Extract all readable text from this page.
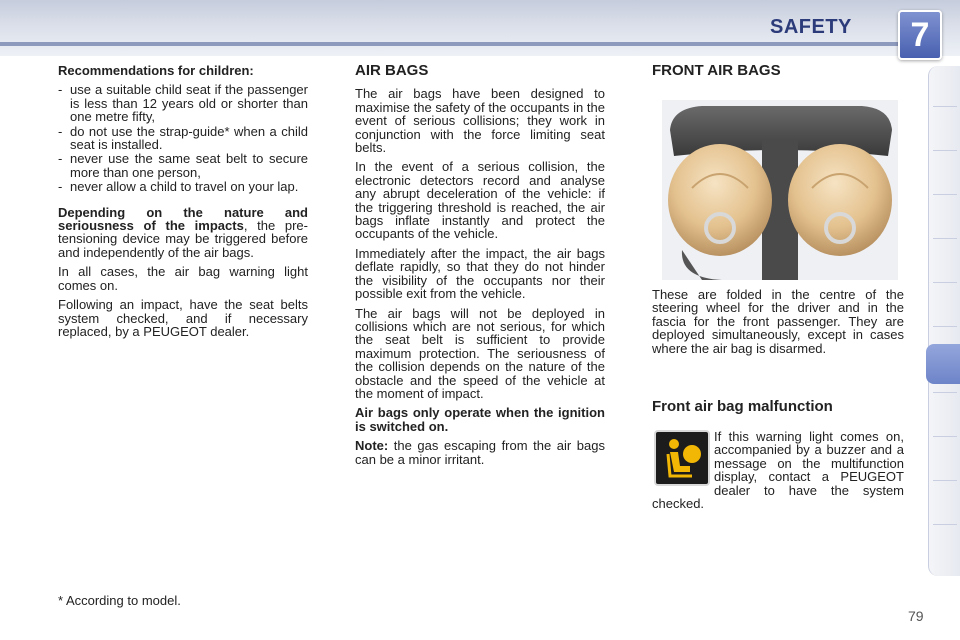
SAFETY	7
Recommendations for children:
- use a suitable child seat if the passenger is less than 12 years old or shorter than one metre fifty,
- do not use the strap-guide* when a child seat is installed.
- never use the same seat belt to secure more than one person,
- never allow a child to travel on your lap.

Depending on the nature and seriousness of the impacts, the pre-tensioning device may be triggered before and independently of the air bags.

In all cases, the air bag warning light comes on.

Following an impact, have the seat belts system checked, and if necessary replaced, by a PEUGEOT dealer.

AIR BAGS

The air bags have been designed to maximise the safety of the occupants in the event of serious collisions; they work in conjunction with the force limiting seat belts.

In the event of a serious collision, the electronic detectors record and analyse any abrupt deceleration of the vehicle: if the triggering threshold is reached, the air bags inflate instantly and protect the occupants of the vehicle.

Immediately after the impact, the air bags deflate rapidly, so that they do not hinder the visibility of the occupants nor their possible exit from the vehicle.

The air bags will not be deployed in collisions which are not serious, for which the seat belt is sufficient to provide maximum protection. The seriousness of the collision depends on the nature of the obstacle and the speed of the vehicle at the moment of impact.

Air bags only operate when the ignition is switched on.

Note: the gas escaping from the air bags can be a minor irritant.

FRONT AIR BAGS

These are folded in the centre of the steering wheel for the driver and in the fascia for the front passenger. They are deployed simultaneously, except in cases where the air bag is disarmed.

Front air bag malfunction

If this warning light comes on, accompanied by a buzzer and a message on the multifunction display, contact a PEUGEOT dealer to have the system checked.

* According to model.
79
